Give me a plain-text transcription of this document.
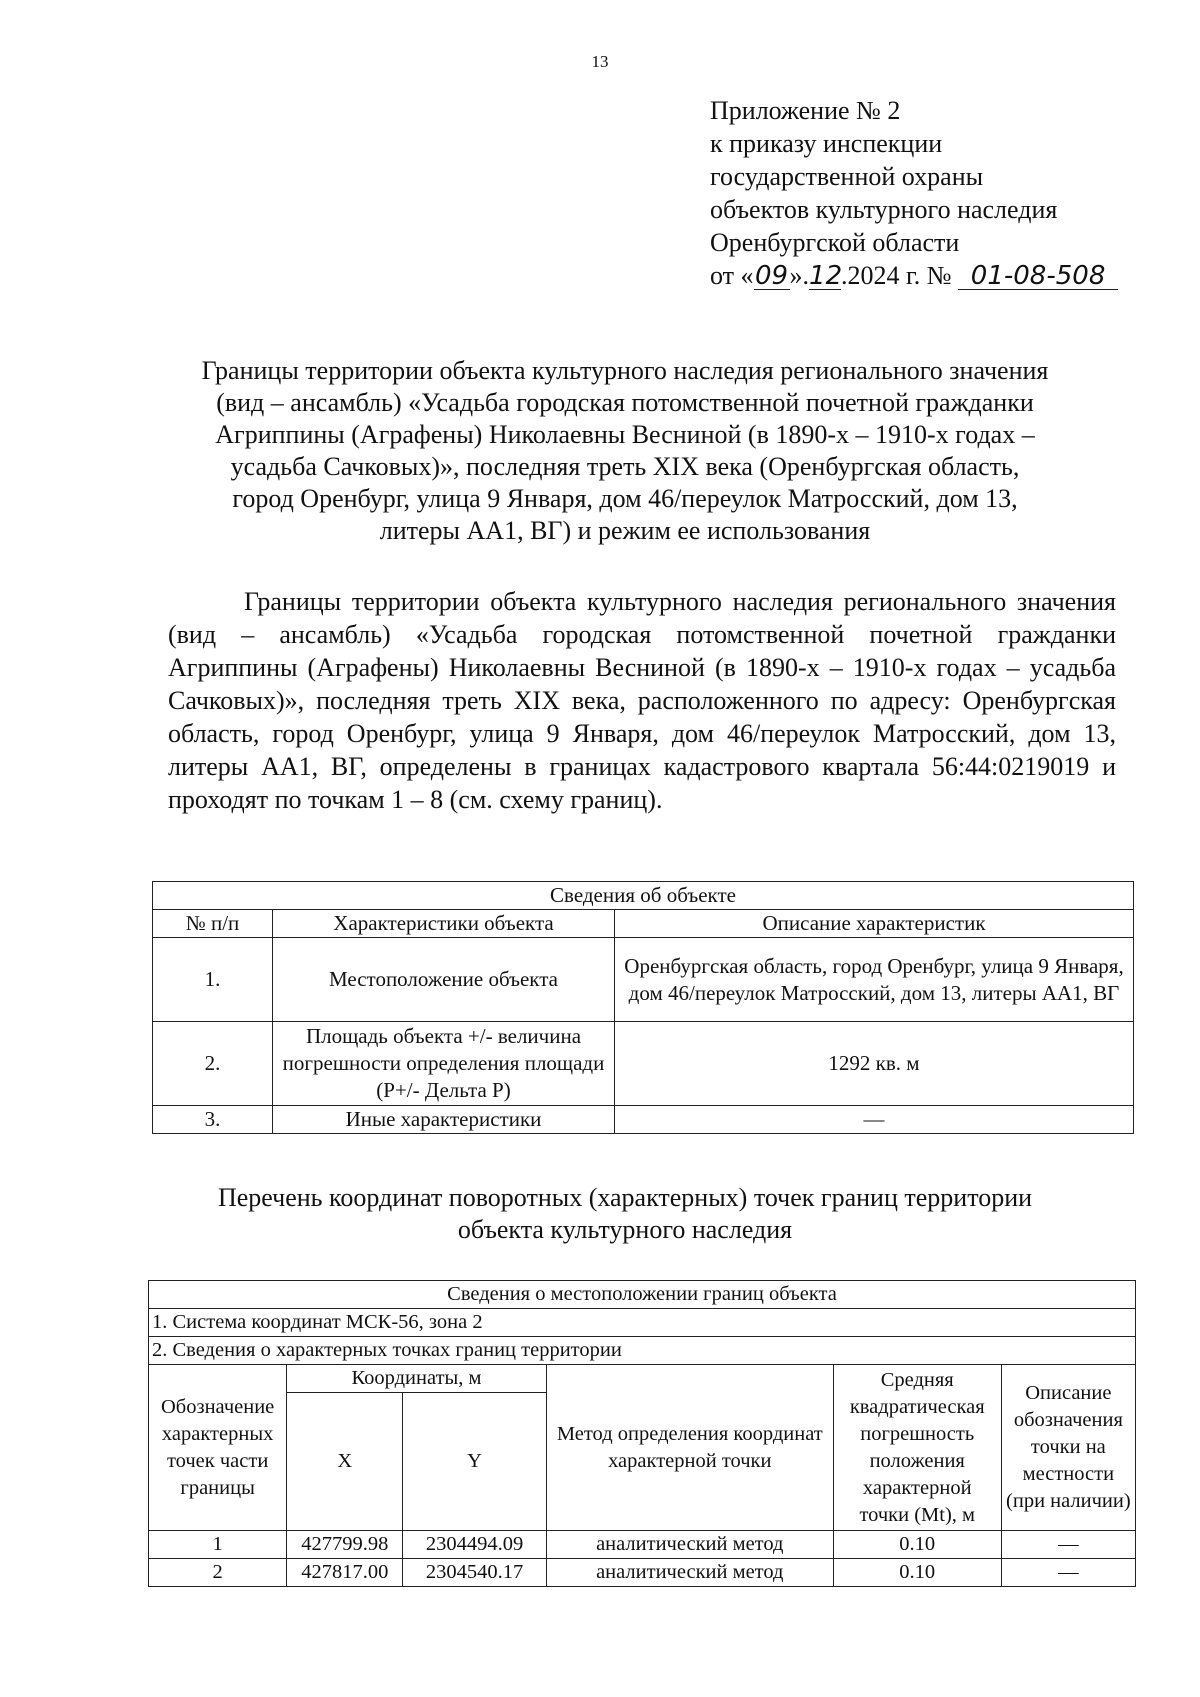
13
Приложение № 2
к приказу инспекции
государственной охраны
объектов культурного наследия
Оренбургской области
от «09».12.2024 г. № 01-08-508
Границы территории объекта культурного наследия регионального значения
(вид – ансамбль) «Усадьба городская потомственной почетной гражданки
Агриппины (Аграфены) Николаевны Весниной (в 1890-х – 1910-х годах –
усадьба Сачковых)», последняя треть XIX века (Оренбургская область,
город Оренбург, улица 9 Января, дом 46/переулок Матросский, дом 13,
литеры АА1, ВГ) и режим ее использования
Границы территории объекта культурного наследия регионального значения (вид – ансамбль) «Усадьба городская потомственной почетной гражданки Агриппины (Аграфены) Николаевны Весниной (в 1890-х – 1910-х годах – усадьба Сачковых)», последняя треть XIX века, расположенного по адресу: Оренбургская область, город Оренбург, улица 9 Января, дом 46/переулок Матросский, дом 13, литеры АА1, ВГ, определены в границах кадастрового квартала 56:44:0219019 и проходят по точкам 1 – 8 (см. схему границ).
Сведения об объекте		
№ п/п	Характеристики объекта	Описание характеристик
1.	Местоположение объекта	Оренбургская область, город Оренбург, улица 9 Января, дом 46/переулок Матросский, дом 13, литеры АА1, ВГ
2.	Площадь объекта +/- величина погрешности определения площади (Р+/- Дельта Р)	1292 кв. м
3.	Иные характеристики	—
Перечень координат поворотных (характерных) точек границ территории
объекта культурного наследия
Сведения о местоположении границ объекта					
1. Система координат МСК-56, зона 2					
2. Сведения о характерных точках границ территории					
Обозначение характерных точек части границы	Координаты, м		Метод определения координат характерной точки	Средняя квадратическая погрешность положения характерной точки (Mt), м	Описание обозначения точки на местности (при наличии)
	X	Y			
1	427799.98	2304494.09	аналитический метод	0.10	—
2	427817.00	2304540.17	аналитический метод	0.10	—
